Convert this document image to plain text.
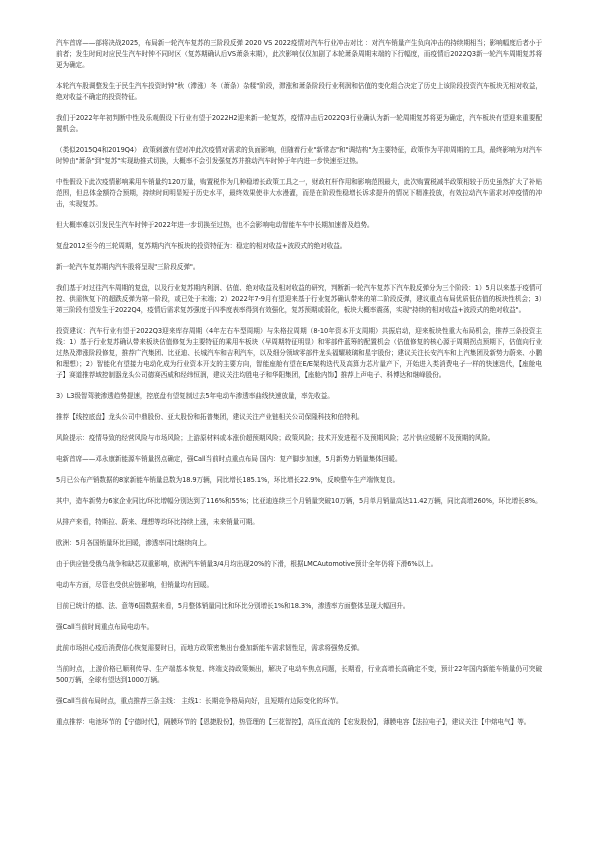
汽车首席——部将决战2025，布局新一轮汽车复苏的三阶段反弹 2020 VS 2022疫情对汽车行业冲击对比 ：对汽车销量产生负向冲击的持续期相当；影响幅度后者小于前者；发生时间对应民生汽车时钟不同时区（复苏期确认后VS萧条末期），此次影响仅仅加剧了本轮萧条周期末端的下行幅度，而疫情后2022Q3新一轮汽车周期复苏将更为确定。

本轮汽车股调整发生于民生汽车投资时钟"秋（滞涨）冬（萧条）杂糅"阶段，滞涨和萧条阶段行业利润和估值的变化组合决定了历史上该阶段投资汽车板块无相对收益，绝对收益不确定的投资特征。

我们于2022年年初判断中性及乐观假设下行业有望于2022H2迎来新一轮复苏，疫情冲击后2022Q3行业确认为新一轮周期复苏将更为确定，汽车板块有望迎来重要配置机会。

（类似2015Q4和2019Q4） 政策刺激有望对冲此次疫情对需求的负面影响，但随着行业"新常态"和"调结构"为主要特征，政策作为平抑周期的工具，最终影响为对汽车时钟由"萧条"到"复苏"实现助推式切换，大概率不会引发强复苏并推动汽车时钟于年内进一步快速至过热。

中性假设下此次疫情影响乘用车销量约120万量，购置税作为几种稳增长政策工具之一，财政杠杆作用和影响范围最大，此次购置税减半政策相较于历史虽然扩大了补贴范围，但总体金额符合预期，持续时间明显短于历史水平，最终效果使非大水漫灌，而是在阶段性稳增长诉求提升的情况下精准投放，有效拉动汽车需求对冲疫情的冲击，实现复苏。

但大概率难以引发民生汽车时钟于2022年进一步切换至过热，也不会影响电动智能车车中长期加速普及趋势。

复盘2012至今的三轮周期，复苏期内汽车板块的投资特征为：稳定的相对收益+波段式的绝对收益。

新一轮汽车复苏期内汽车股将呈现"三阶段反弹"。

我们基于对过往汽车周期的复盘，以及行业复苏期内利润、估值、绝对收益及相对收益的研究，判断新一轮汽车复苏下汽车股反弹分为三个阶段：1）5月以来基于疫情可控、供需恢复下的超跌反弹为第一阶段，或已处于末端；2）2022年7-9月有望迎来基于行业复苏确认带来的第二阶段反弹，建议重点布局优质低估值的板块性机会；3）第三阶段有望发生于2022Q4，疫情后需求复苏强度于四季度表率得到有效强化，复苏预期或弱化，板块大概率震荡，实现"持续的相对收益+波段式的绝对收益"。

投资建议：汽车行业有望于2022Q3迎来库存周期（4年左右车型周期）与朱格拉周期（8-10年资本开支周期）共振启动，迎来板块性重大布局机会，推荐三条投资主线：1）基于行业复苏确认带来板块估值修复为主要特征的乘用车板块（早周期特征明显）和零部件蓝筹的配置机会（估值修复的核心源于周期拐点预期下，估值向行业过热及滞涨阶段修复，推荐广汽集团、比亚迪、长城汽车和吉利汽车，以及细分领域零部件龙头福耀玻璃和星宇股份；建议关注长安汽车和上汽集团及新势力蔚来、小鹏和理想）；2）智能化有望接力电动化成为行业资本开支的主要方向，智能座舱有望在E/E架构迭代及高算力芯片量产下，开始进入类消费电子一样的快速迭代，【座舱电子】赛道推荐域控制器龙头公司德赛西威和经纬恒润，建议关注均胜电子和华阳集团，【座舱内饰】推荐上声电子、科博达和继峰股份。

3）L3级智驾驶渗透趋势提速，控底盘有望复制过去5年电动车渗透率曲线快速放量，率先收益。

推荐【线控底盘】龙头公司中鼎股份、亚太股份和拓普集团，建议关注产业链相关公司保隆科技和伯特利。

风险提示：疫情导致的经营风险与市场风险；上游原材料或本涨价超预期风险；政策风险；技术开发进程不及预期风险；芯片供应缓解不及预期的风险。

电新首席——邓永康新能源车销量拐点确定，强Call当前时点重点布局 国内：复产脚步加速，5月新势力销量集体回暖。

5月已公布产销数据的8家新能车销量总数为18.9万辆，同比增长185.1%，环比增长22.9%，反映整车生产端恢复良。

其中，造车新势力6家企业同比/环比增幅分别达到了116%和55%；比亚迪连续三个月销量突破10万辆，5月单月销量高达11.42万辆，同比高增260%，环比增长8%。

从排产来看，特斯拉、蔚来、理想等均环比持续上涨，未来销量可期。

欧洲：5月各国销量环比回暖，渗透率同比继续向上。

由于供应链受俄乌战争和缺芯双重影响，欧洲汽车销量3/4月均出现20%的下滑，根据LMCAutomotive预计全年仍将下滑6%以上。

电动车方面，尽管也受供应链影响，但销量均有回暖。

目前已统计的德、法、意等6国数据来看，5月整体销量同比和环比分别增长1%和18.3%，渗透率方面整体呈现大幅回升。

强Call当前时间重点布局电动车。

此前市场担心疫后消费信心恢复需要时日，而地方政策密集出台叠加新能车需求韧性足，需求将强势反弹。

当前时点，上游价格已顺利传导、生产端基本恢复、终端支持政策频出，解决了电动车焦点问题，长期看，行业高增长高确定不变，预计22年国内新能车销量仍可突破500万辆，全球有望达到1000万辆。

强Call当前布局时点，重点推荐三条主线： 主线1：长期竞争格局向好，且短期有边际变化的环节。

重点推荐：电池环节的【宁德时代】，隔膜环节的【恩捷股份】，热管理的【三花智控】，高压直流的【宏发股份】，薄膜电容【法拉电子】，建议关注【中熔电气】等。
